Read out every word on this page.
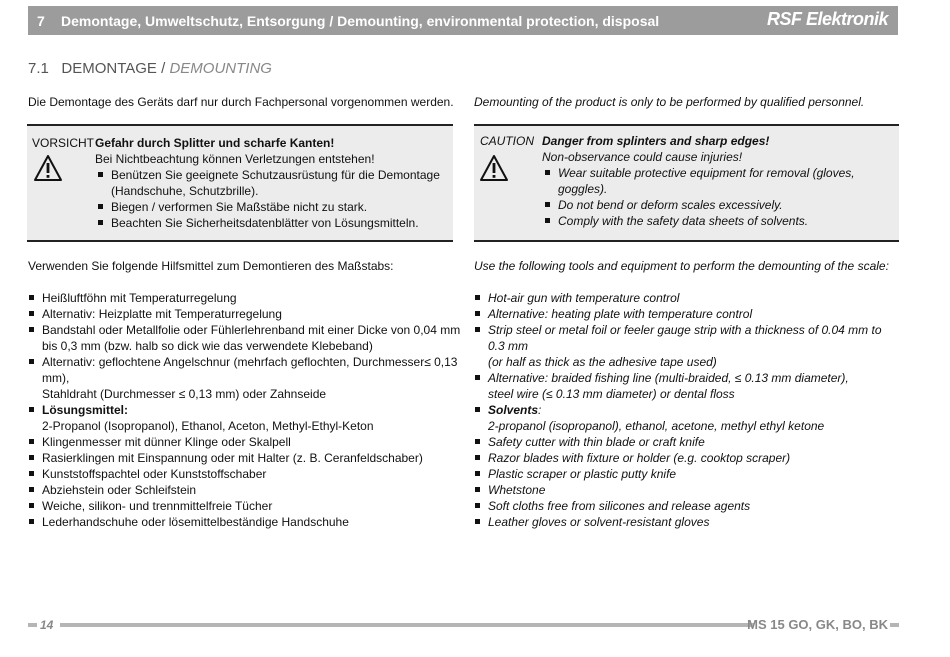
7	Demontage, Umweltschutz, Entsorgung / Demounting, environmental protection, disposal	RSF Elektronik
7.1 DEMONTAGE / DEMOUNTING
Die Demontage des Geräts darf nur durch Fachpersonal vorgenommen werden.	Demounting of the product is only to be performed by qualified personnel.
VORSICHT Gefahr durch Splitter und scharfe Kanten!
Bei Nichtbeachtung können Verletzungen entstehen!
Benützen Sie geeignete Schutzausrüstung für die Demontage (Handschuhe, Schutzbrille).
Biegen / verformen Sie Maßstäbe nicht zu stark.
Beachten Sie Sicherheitsdatenblätter von Lösungsmitteln.
CAUTION Danger from splinters and sharp edges!
Non-observance could cause injuries!
Wear suitable protective equipment for removal (gloves, goggles).
Do not bend or deform scales excessively.
Comply with the safety data sheets of solvents.
Verwenden Sie folgende Hilfsmittel zum Demontieren des Maßstabs:	Use the following tools and equipment to perform the demounting of the scale:
Heißluftföhn mit Temperaturregelung
Alternativ: Heizplatte mit Temperaturregelung
Bandstahl oder Metallfolie oder Fühlerlehrenband mit einer Dicke von 0,04 mm
bis 0,3 mm (bzw. halb so dick wie das verwendete Klebeband)
Alternativ: geflochtene Angelschnur (mehrfach geflochten, Durchmesser≤ 0,13 mm),
Stahldraht (Durchmesser ≤ 0,13 mm) oder Zahnseide
Lösungsmittel:
2-Propanol (Isopropanol), Ethanol, Aceton, Methyl-Ethyl-Keton
Klingenmesser mit dünner Klinge oder Skalpell
Rasierklingen mit Einspannung oder mit Halter (z. B. Ceranfeldschaber)
Kunststoffspachtel oder Kunststoffschaber
Abziehstein oder Schleifstein
Weiche, silikon- und trennmittelfreie Tücher
Lederhandschuhe oder lösemittelbeständige Handschuhe
Hot-air gun with temperature control
Alternative: heating plate with temperature control
Strip steel or metal foil or feeler gauge strip with a thickness of 0.04 mm to 0.3 mm
(or half as thick as the adhesive tape used)
Alternative: braided fishing line (multi-braided, ≤ 0.13 mm diameter),
steel wire (≤ 0.13 mm diameter) or dental floss
Solvents:
2-propanol (isopropanol), ethanol, acetone, methyl ethyl ketone
Safety cutter with thin blade or craft knife
Razor blades with fixture or holder (e.g. cooktop scraper)
Plastic scraper or plastic putty knife
Whetstone
Soft cloths free from silicones and release agents
Leather gloves or solvent-resistant gloves
14	MS 15 GO, GK, BO, BK
